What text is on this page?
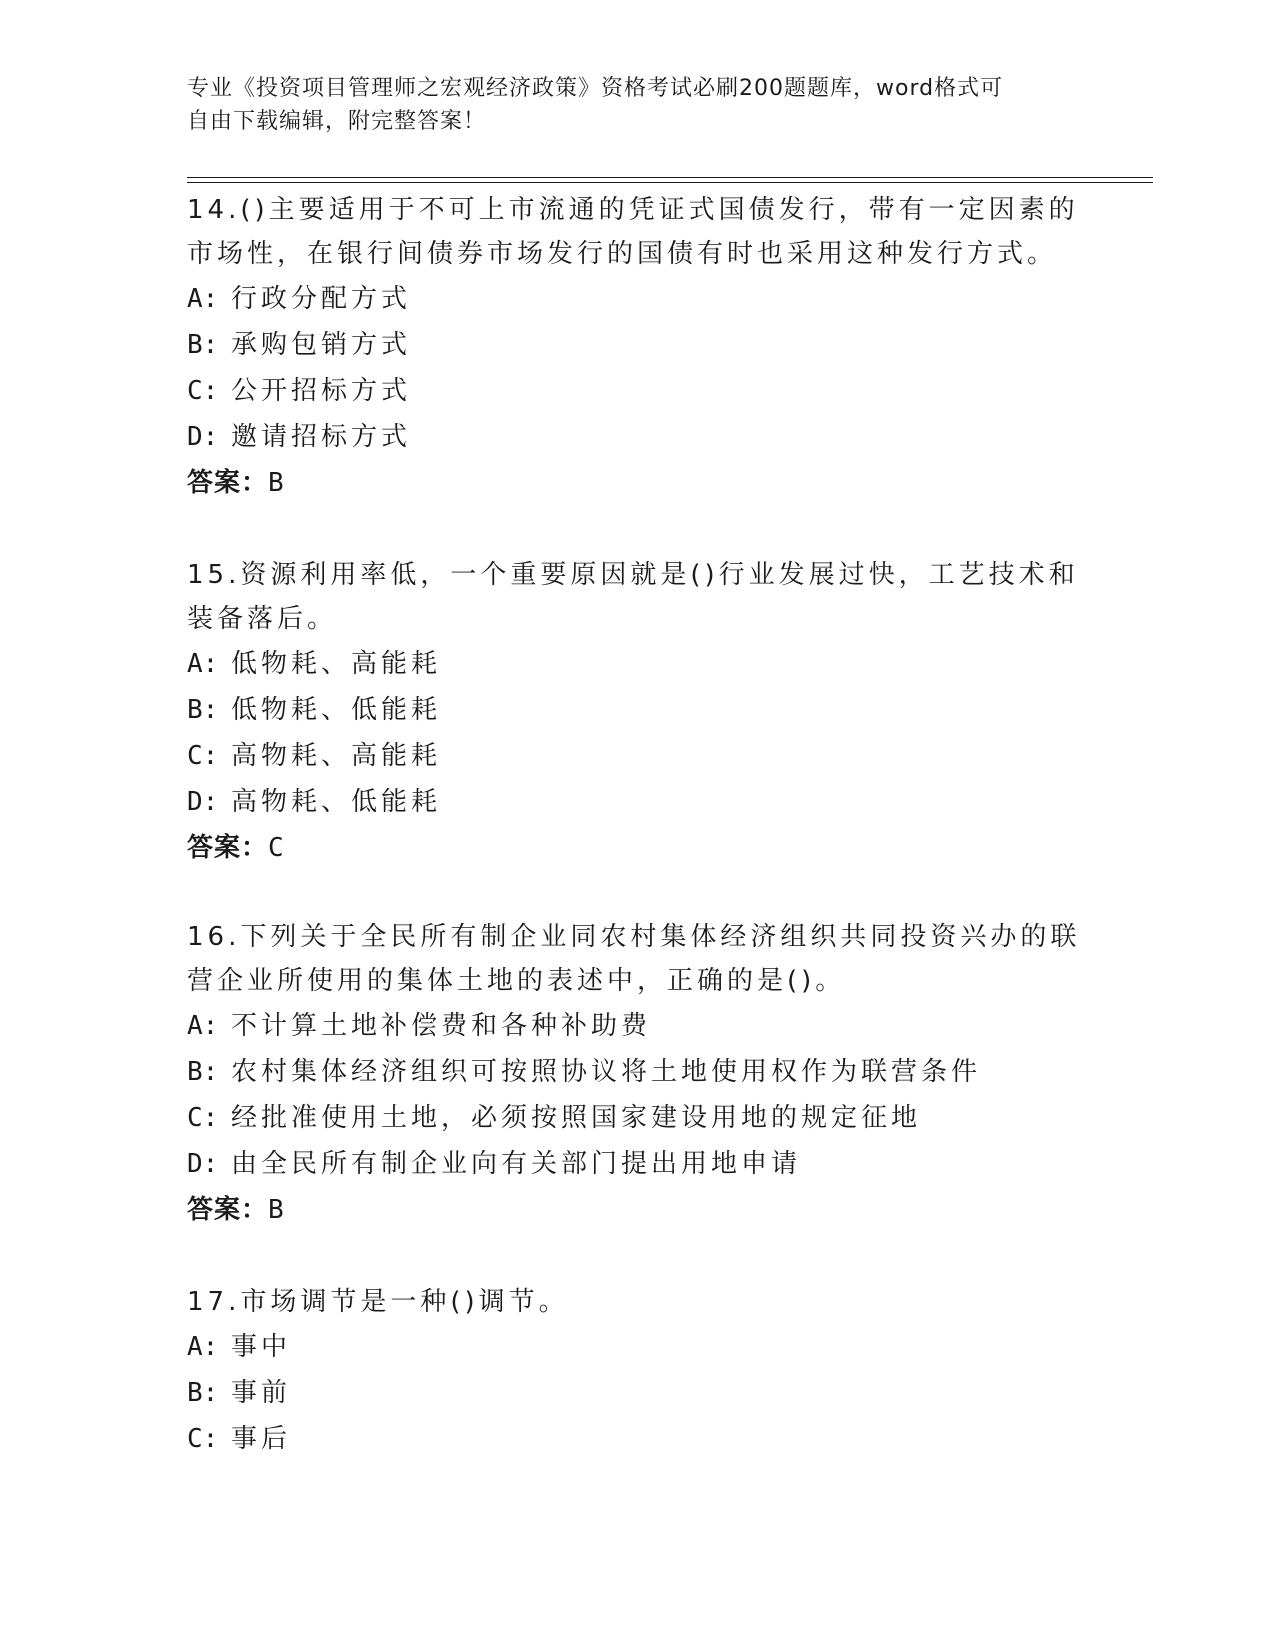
专业《投资项目管理师之宏观经济政策》资格考试必刷200题题库，word格式可
自由下载编辑，附完整答案！

14.()主要适用于不可上市流通的凭证式国债发行，带有一定因素的市场性，在银行间债券市场发行的国债有时也采用这种发行方式。

A: 行政分配方式
B: 承购包销方式
C: 公开招标方式
D: 邀请招标方式
答案：B

15.资源利用率低，一个重要原因就是()行业发展过快，工艺技术和装备落后。

A: 低物耗、高能耗
B: 低物耗、低能耗
C: 高物耗、高能耗
D: 高物耗、低能耗
答案：C

16.下列关于全民所有制企业同农村集体经济组织共同投资兴办的联营企业所使用的集体土地的表述中，正确的是()。

A: 不计算土地补偿费和各种补助费
B: 农村集体经济组织可按照协议将土地使用权作为联营条件
C: 经批准使用土地，必须按照国家建设用地的规定征地
D: 由全民所有制企业向有关部门提出用地申请
答案：B

17.市场调节是一种()调节。

A: 事中
B: 事前
C: 事后
